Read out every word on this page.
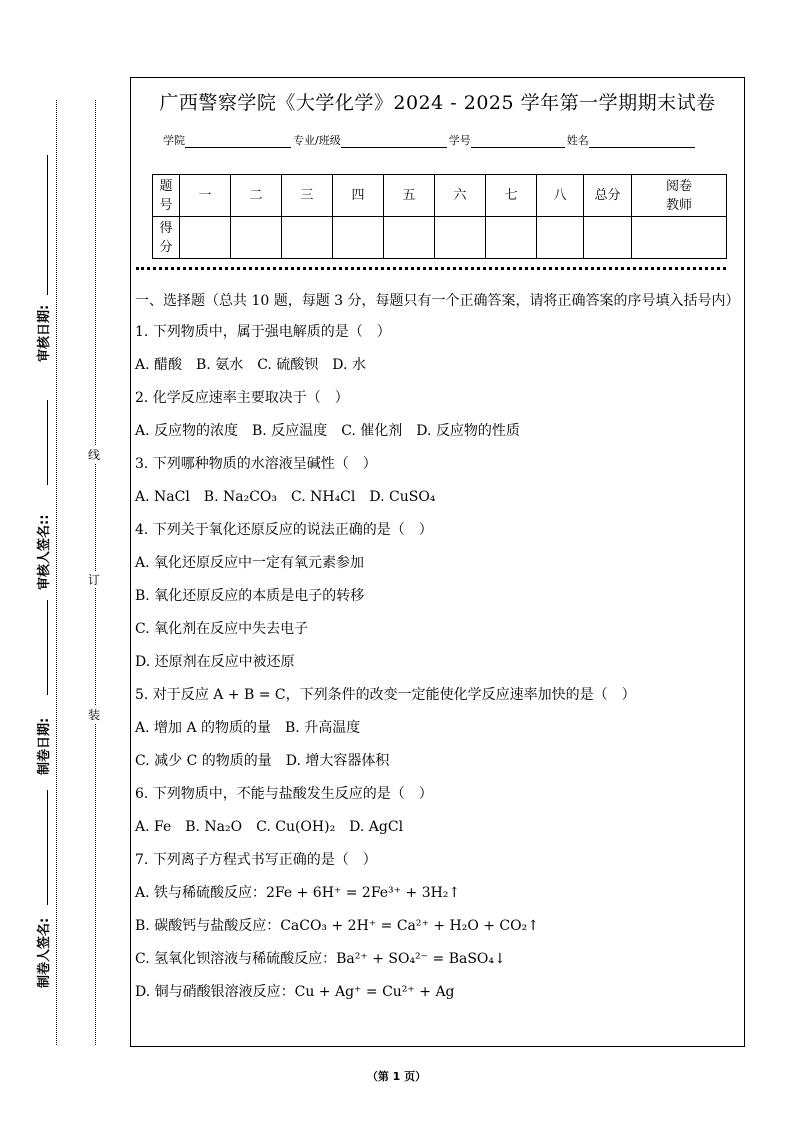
审核日期:
审核人签名::
制卷日期:
制卷人签名:
线
订
装
广西警察学院《大学化学》2024 - 2025 学年第一学期期末试卷
学院	专业/班级	学号	姓名
题
号	一	二	三	四	五	六	七	八	总分	阅卷
教师
得
分										
一、选择题（总共 10 题，每题 3 分，每题只有一个正确答案，请将正确答案的序号填入括号内）
1. 下列物质中，属于强电解质的是（　）
A. 醋酸　B. 氨水　C. 硫酸钡　D. 水
2. 化学反应速率主要取决于（　）
A. 反应物的浓度　B. 反应温度　C. 催化剂　D. 反应物的性质
3. 下列哪种物质的水溶液呈碱性（　）
A. NaCl　B. Na₂CO₃　C. NH₄Cl　D. CuSO₄
4. 下列关于氧化还原反应的说法正确的是（　）
A. 氧化还原反应中一定有氧元素参加
B. 氧化还原反应的本质是电子的转移
C. 氧化剂在反应中失去电子
D. 还原剂在反应中被还原
5. 对于反应 A + B = C，下列条件的改变一定能使化学反应速率加快的是（　）
A. 增加 A 的物质的量　B. 升高温度
C. 减少 C 的物质的量　D. 增大容器体积
6. 下列物质中，不能与盐酸发生反应的是（　）
A. Fe　B. Na₂O　C. Cu(OH)₂　D. AgCl
7. 下列离子方程式书写正确的是（　）
A. 铁与稀硫酸反应：2Fe + 6H⁺ = 2Fe³⁺ + 3H₂↑
B. 碳酸钙与盐酸反应：CaCO₃ + 2H⁺ = Ca²⁺ + H₂O + CO₂↑
C. 氢氧化钡溶液与稀硫酸反应：Ba²⁺ + SO₄²⁻ = BaSO₄↓
D. 铜与硝酸银溶液反应：Cu + Ag⁺ = Cu²⁺ + Ag
（第 1 页）
